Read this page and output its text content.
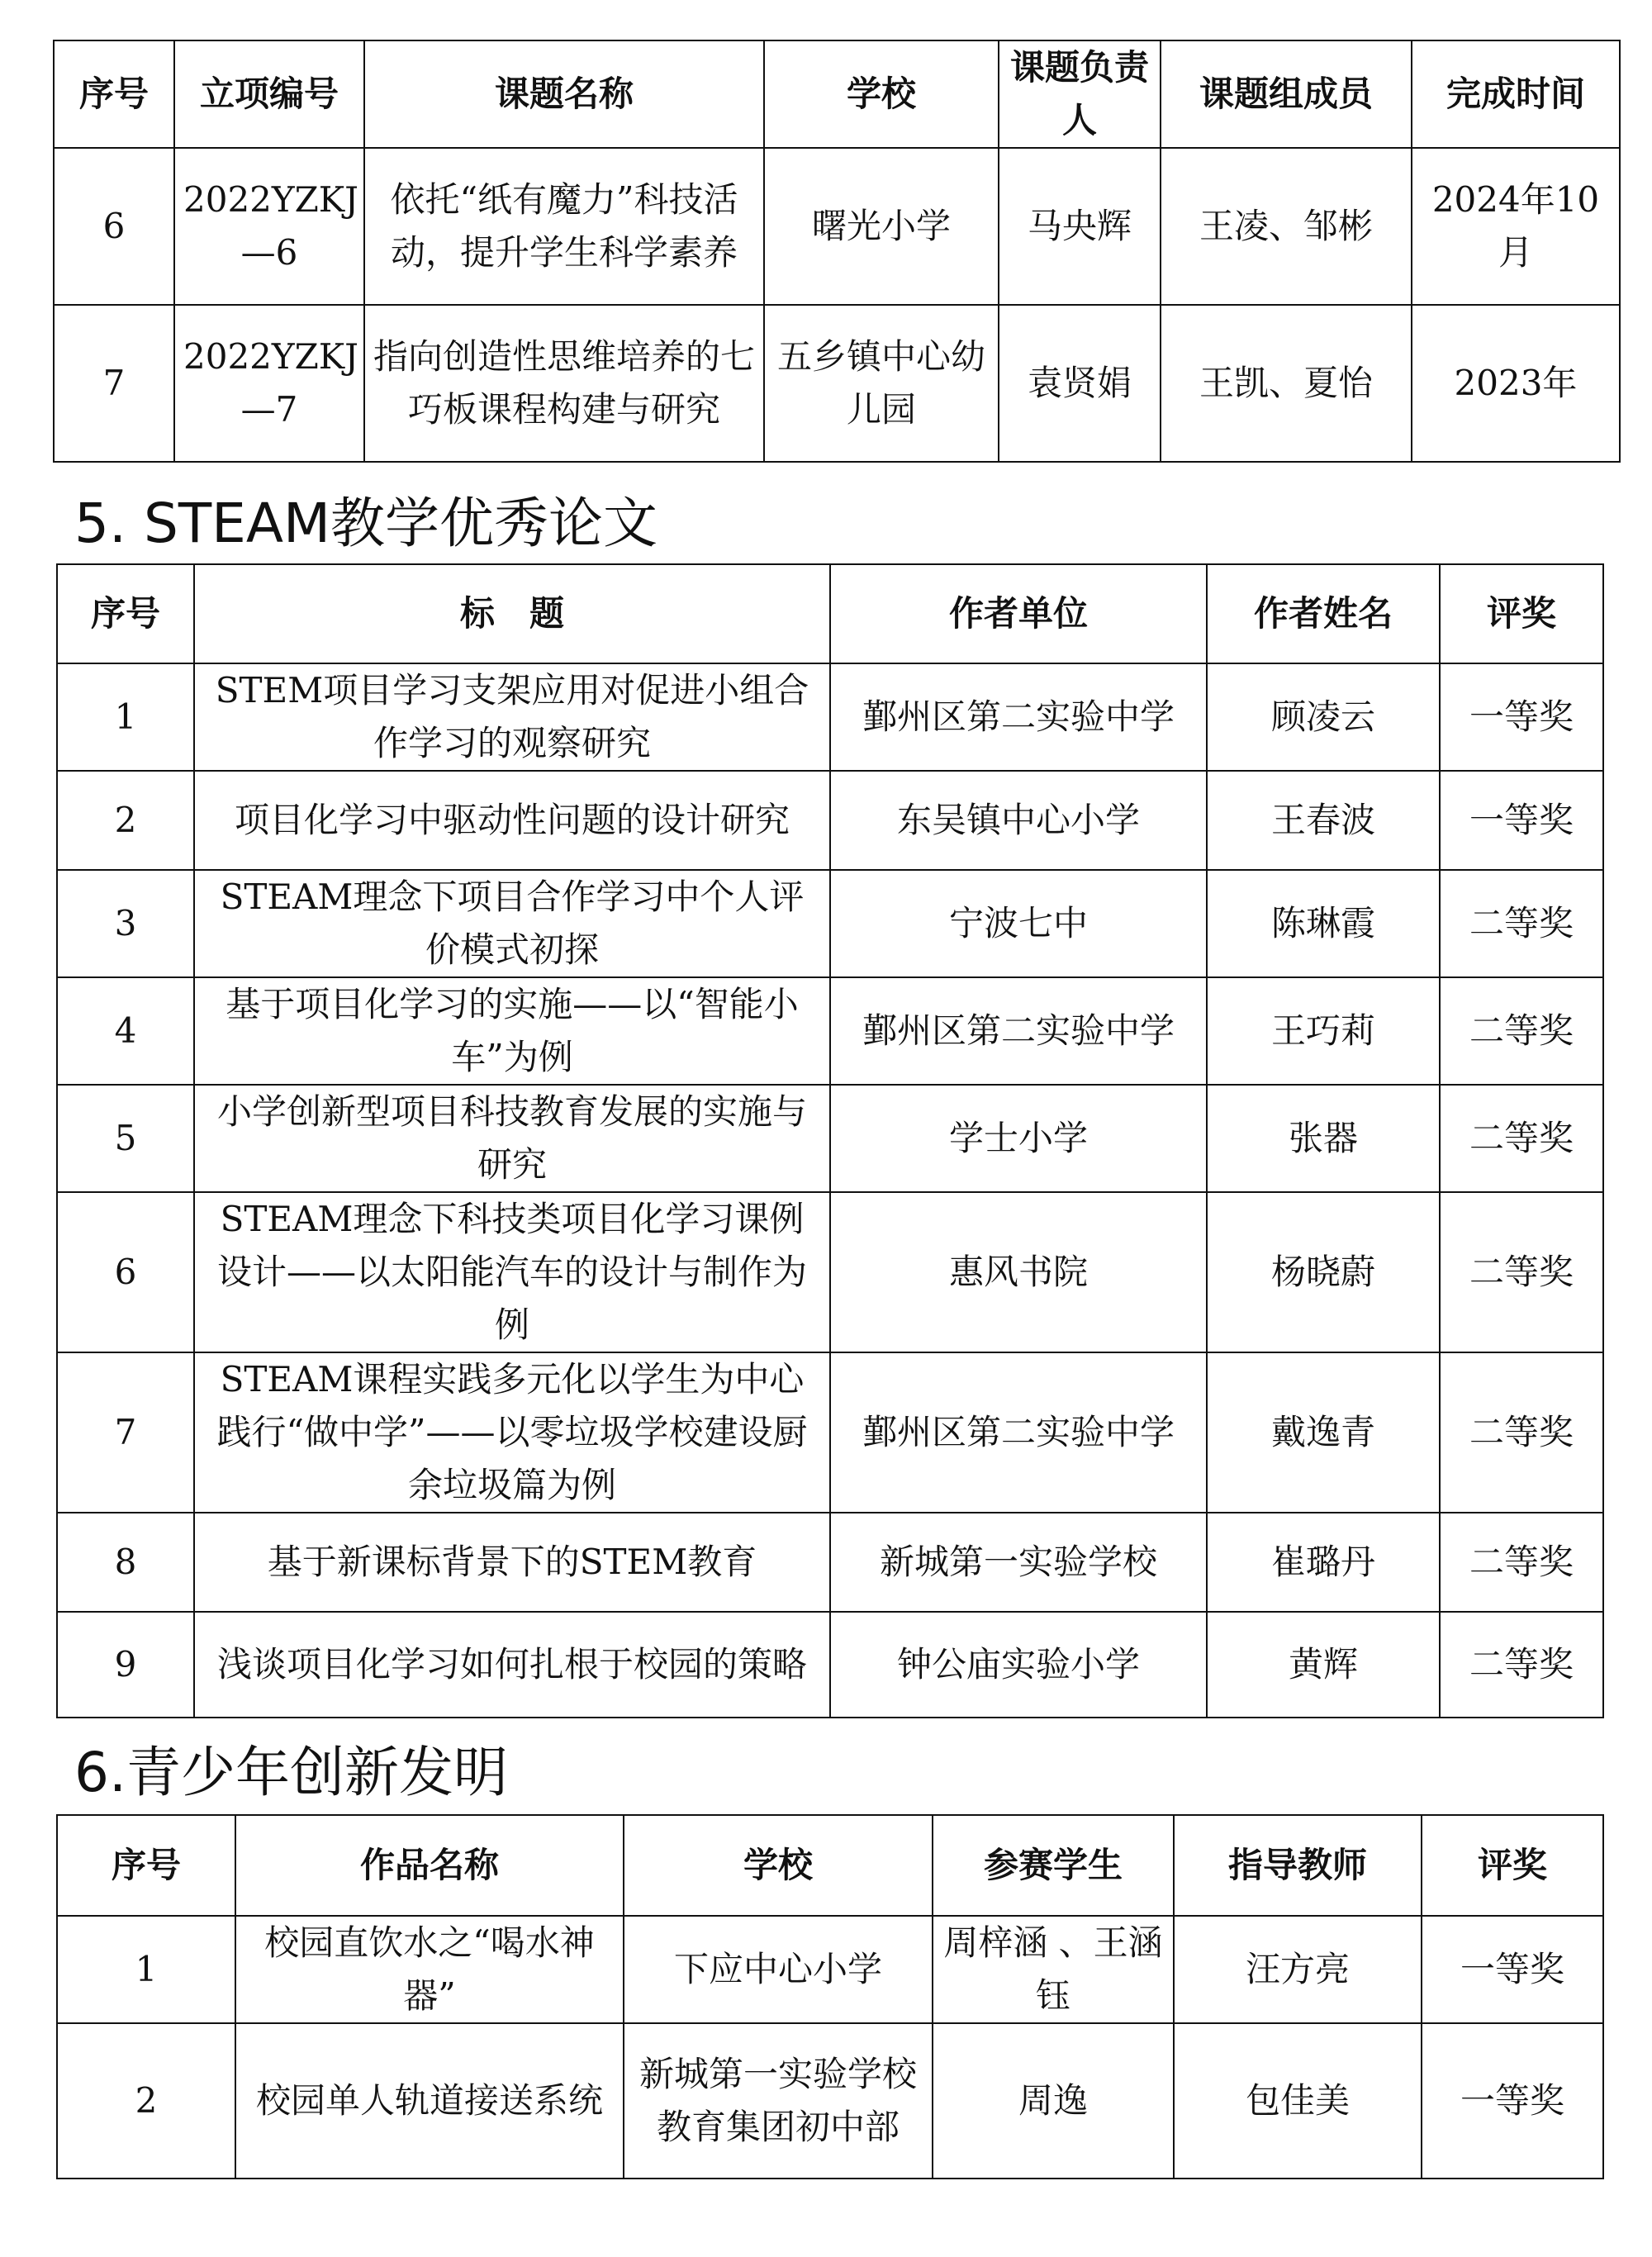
序号	立项编号	课题名称	学校	课题负责人	课题组成员	完成时间
6	2022YZKJ—6	依托“纸有魔力”科技活动，提升学生科学素养	曙光小学	马央辉	王凌、邹彬	2024年10月
7	2022YZKJ—7	指向创造性思维培养的七巧板课程构建与研究	五乡镇中心幼儿园	袁贤娟	王凯、夏怡	2023年
5. STEAM教学优秀论文
序号	标　题	作者单位	作者姓名	评奖
1	STEM项目学习支架应用对促进小组合作学习的观察研究	鄞州区第二实验中学	顾凌云	一等奖
2	项目化学习中驱动性问题的设计研究	东吴镇中心小学	王春波	一等奖
3	STEAM理念下项目合作学习中个人评价模式初探	宁波七中	陈琳霞	二等奖
4	基于项目化学习的实施——以“智能小车”为例	鄞州区第二实验中学	王巧莉	二等奖
5	小学创新型项目科技教育发展的实施与研究	学士小学	张器	二等奖
6	STEAM理念下科技类项目化学习课例设计——以太阳能汽车的设计与制作为例	惠风书院	杨晓蔚	二等奖
7	STEAM课程实践多元化以学生为中心践行“做中学”——以零垃圾学校建设厨余垃圾篇为例	鄞州区第二实验中学	戴逸青	二等奖
8	基于新课标背景下的STEM教育	新城第一实验学校	崔璐丹	二等奖
9	浅谈项目化学习如何扎根于校园的策略	钟公庙实验小学	黄辉	二等奖
6.青少年创新发明
序号	作品名称	学校	参赛学生	指导教师	评奖
1	校园直饮水之“喝水神器”	下应中心小学	周梓涵 、王涵钰	汪方亮	一等奖
2	校园单人轨道接送系统	新城第一实验学校教育集团初中部	周逸	包佳美	一等奖
